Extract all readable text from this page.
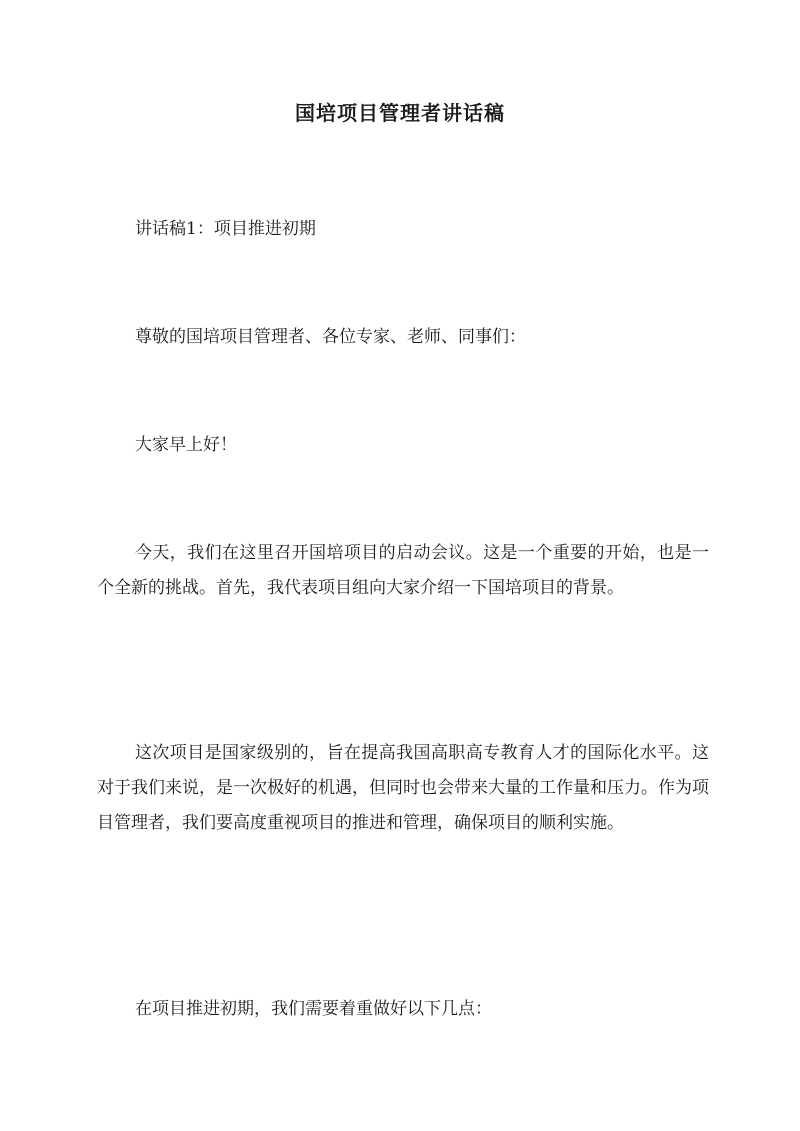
国培项目管理者讲话稿

讲话稿1：项目推进初期

尊敬的国培项目管理者、各位专家、老师、同事们：

大家早上好！

今天，我们在这里召开国培项目的启动会议。这是一个重要的开始，也是一个全新的挑战。首先，我代表项目组向大家介绍一下国培项目的背景。

这次项目是国家级别的，旨在提高我国高职高专教育人才的国际化水平。这对于我们来说，是一次极好的机遇，但同时也会带来大量的工作量和压力。作为项目管理者，我们要高度重视项目的推进和管理，确保项目的顺利实施。

在项目推进初期，我们需要着重做好以下几点：
